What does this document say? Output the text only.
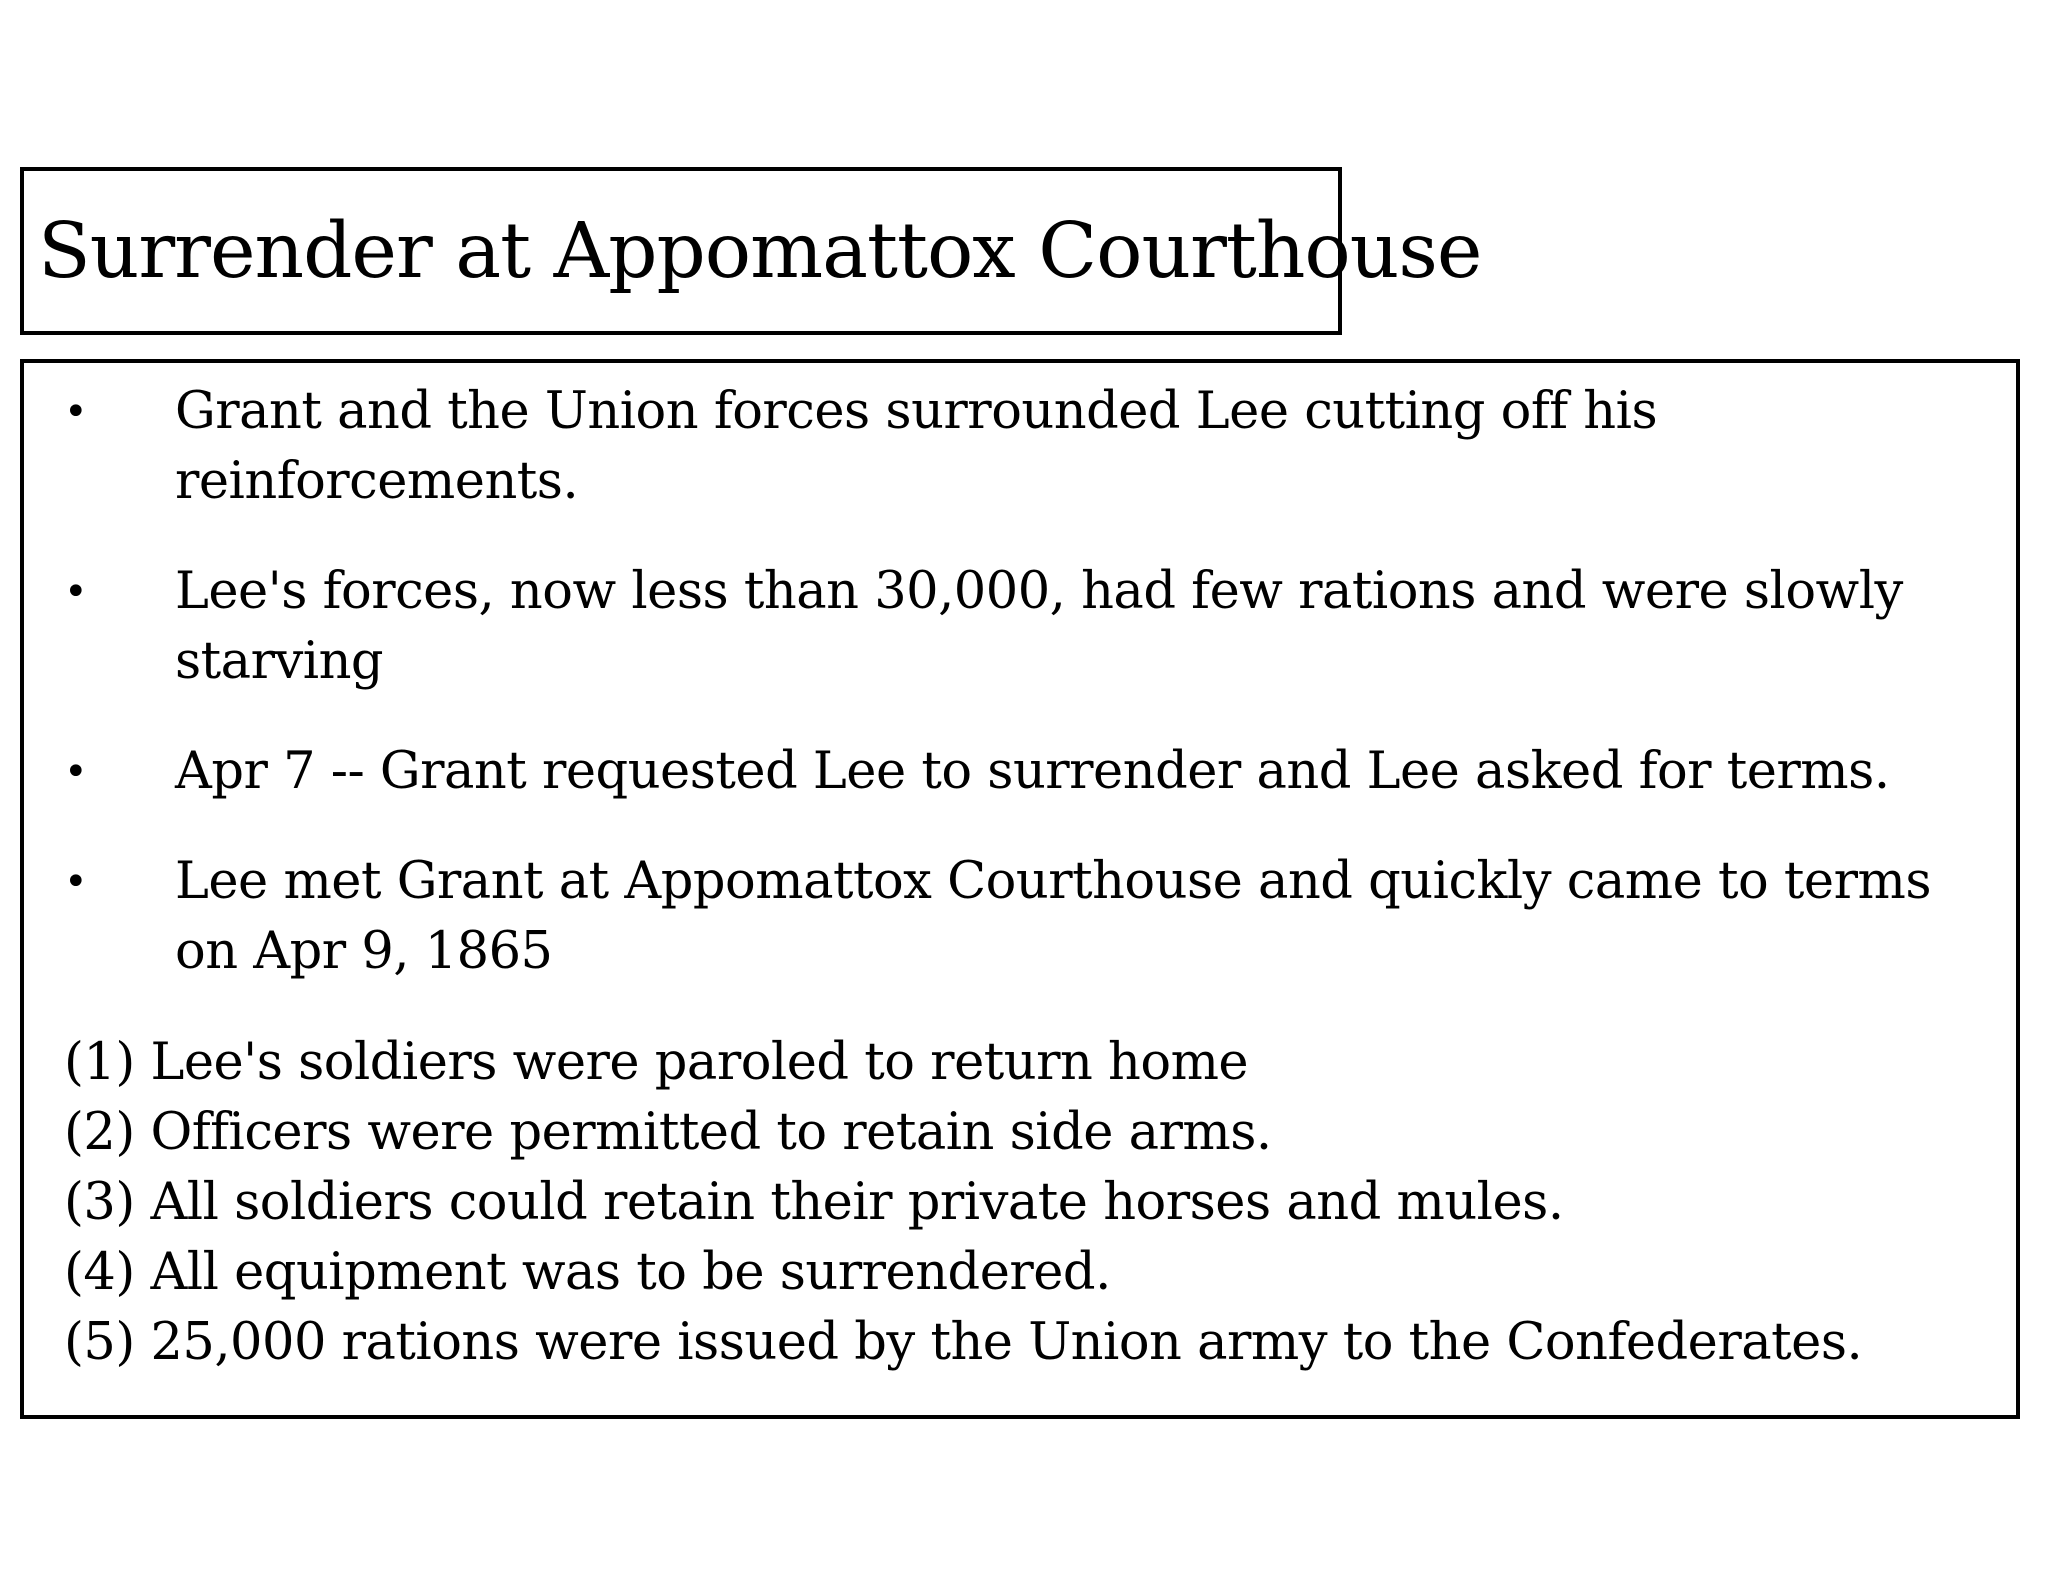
Surrender at Appomattox Courthouse
• Grant and the Union forces surrounded Lee cutting off his reinforcements.
• Lee's forces, now less than 30,000, had few rations and were slowly starving
• Apr 7 -- Grant requested Lee to surrender and Lee asked for terms.
• Lee met Grant at Appomattox Courthouse and quickly came to terms on Apr 9, 1865
(1) Lee's soldiers were paroled to return home
(2) Officers were permitted to retain side arms.
(3) All soldiers could retain their private horses and mules.
(4) All equipment was to be surrendered.
(5) 25,000 rations were issued by the Union army to the Confederates.
